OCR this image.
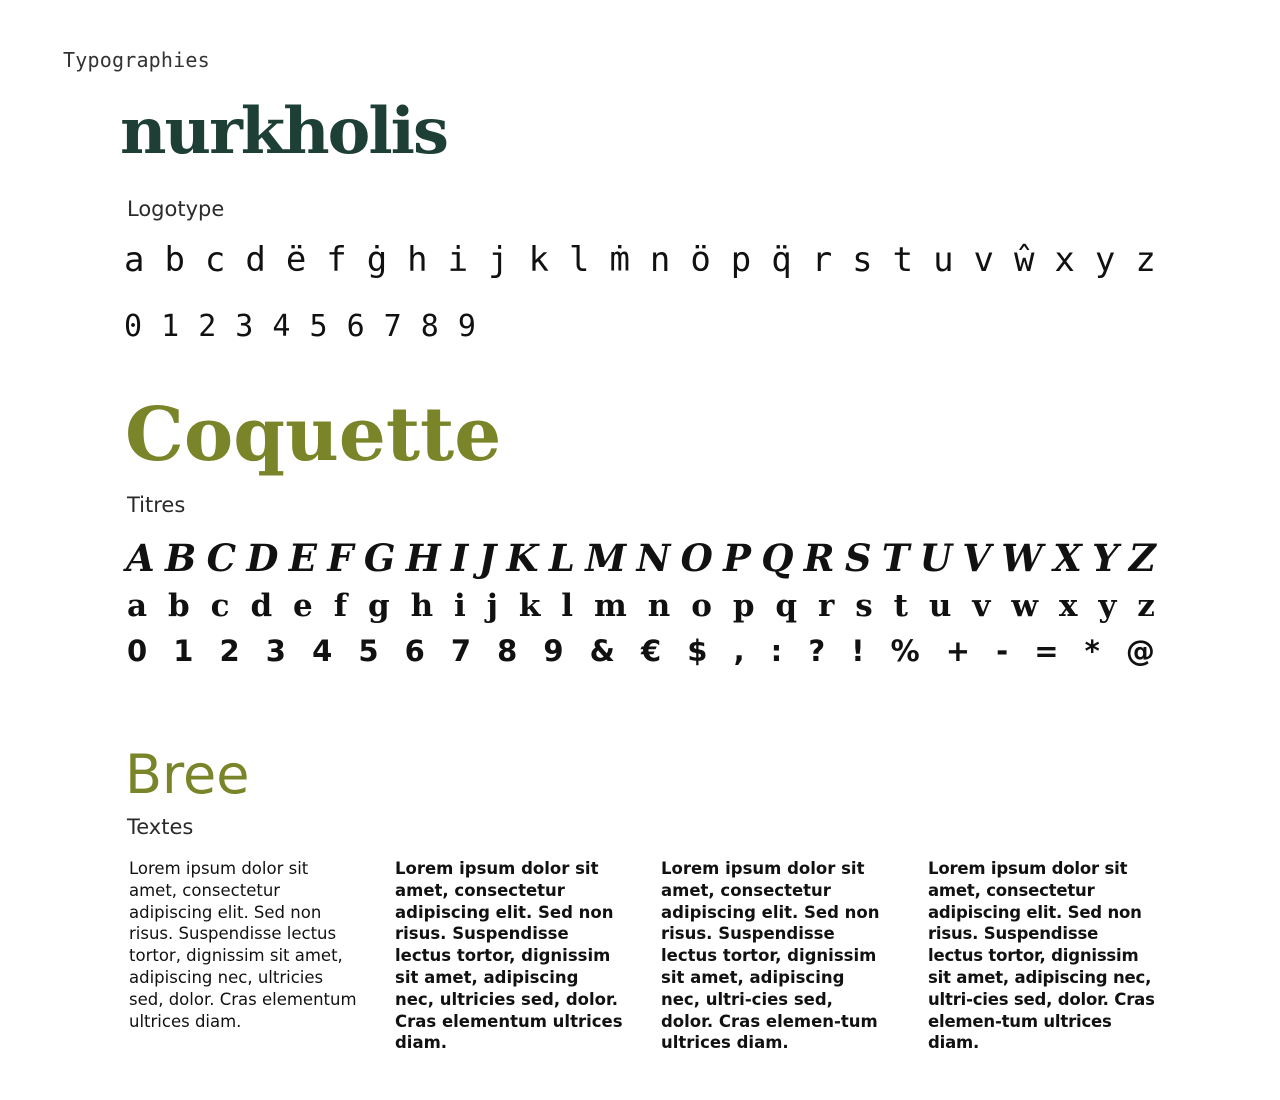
Typographies
nurkholis
Logotype
a b c d ë f ġ h i j k l ṁ n ö p q̈ r s t u v ŵ x y z
0 1 2 3 4 5 6 7 8 9
Coquette
Titres
A B C D E F G H I J K L M N O P Q R S T U V W X Y Z
a b c d e f g h i j k l m n o p q r s t u v w x y z
0 1 2 3 4 5 6 7 8 9 & € $ , : ? ! % + - = * @
Bree
Textes
Lorem ipsum dolor sit amet, consectetur adipiscing elit. Sed non risus. Suspendisse lectus tortor, dignissim sit amet, adipiscing nec, ultricies sed, dolor. Cras elementum ultrices diam.
Lorem ipsum dolor sit amet, consectetur adipiscing elit. Sed non risus. Suspendisse lectus tortor, dignissim sit amet, adipiscing nec, ultricies sed, dolor. Cras elementum ultrices diam.
Lorem ipsum dolor sit amet, consectetur adipiscing elit. Sed non risus. Suspendisse lectus tortor, dignissim sit amet, adipiscing nec, ultri-cies sed, dolor. Cras elemen-tum ultrices diam.
Lorem ipsum dolor sit amet, consectetur adipiscing elit. Sed non risus. Suspendisse lectus tortor, dignissim sit amet, adipiscing nec, ultri-cies sed, dolor. Cras elemen-tum ultrices diam.
